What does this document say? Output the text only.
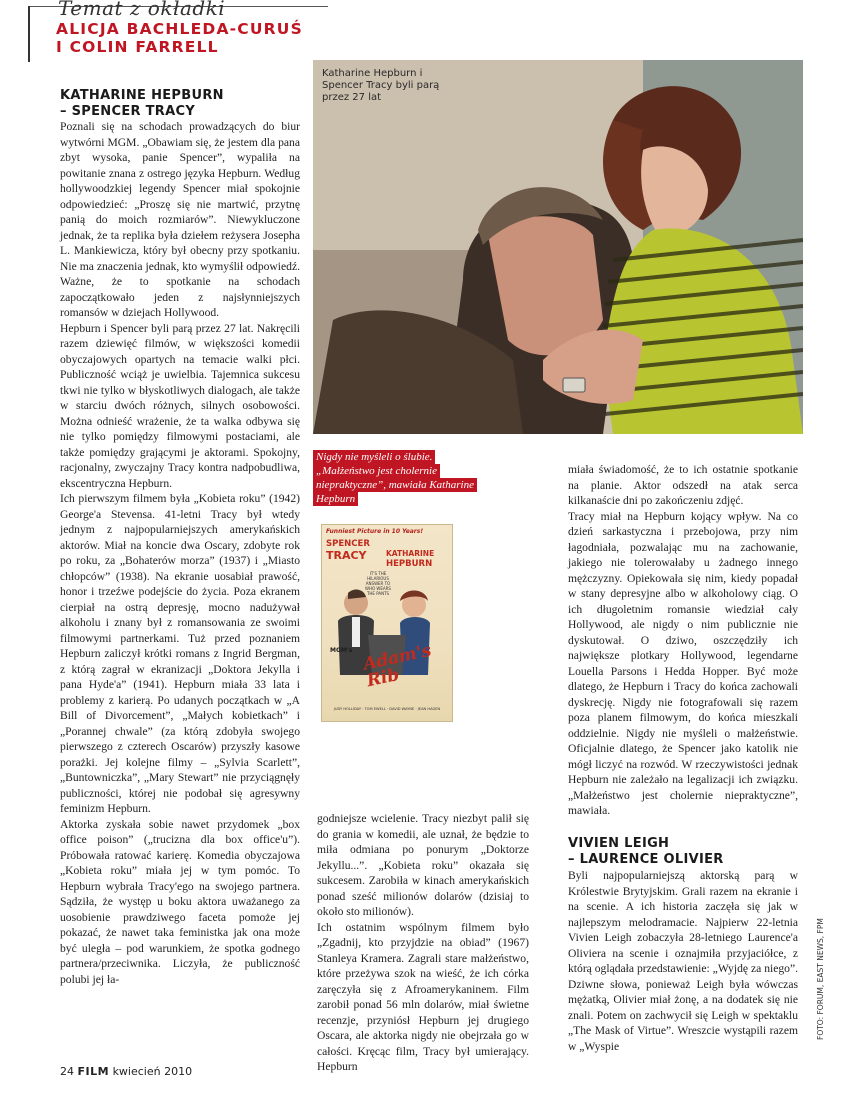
Temat z okładki
ALICJA BACHLEDA-CURUŚ
I COLIN FARRELL
KATHARINE HEPBURN
– SPENCER TRACY

Poznali się na schodach prowadzących do biur wytwórni MGM. „Obawiam się, że jestem dla pana zbyt wysoka, panie Spencer”, wypaliła na powitanie znana z ostrego języka Hepburn. Według hollywoodzkiej legendy Spencer miał spokojnie odpowiedzieć: „Proszę się nie martwić, przytnę panią do moich rozmiarów”. Niewykluczone jednak, że ta replika była dziełem reżysera Josepha L. Mankiewicza, który był obecny przy spotkaniu. Nie ma znaczenia jednak, kto wymyślił odpowiedź. Ważne, że to spotkanie na schodach zapoczątkowało jeden z najsłynniejszych romansów w dziejach Hollywood.

Hepburn i Spencer byli parą przez 27 lat. Nakręcili razem dziewięć filmów, w większości komedii obyczajowych opartych na temacie walki płci. Publiczność wciąż je uwielbia. Tajemnica sukcesu tkwi nie tylko w błyskotliwych dialogach, ale także w starciu dwóch różnych, silnych osobowości. Można odnieść wrażenie, że ta walka odbywa się nie tylko pomiędzy filmowymi postaciami, ale także pomiędzy grającymi je aktorami. Spokojny, racjonalny, zwyczajny Tracy kontra nadpobudliwa, ekscentryczna Hepburn.

Ich pierwszym filmem była „Kobieta roku” (1942) George'a Stevensa. 41-letni Tracy był wtedy jednym z najpopularniejszych amerykańskich aktorów. Miał na koncie dwa Oscary, zdobyte rok po roku, za „Bohaterów morza” (1937) i „Miasto chłopców” (1938). Na ekranie uosabiał prawość, honor i trzeźwe podejście do życia. Poza ekranem cierpiał na ostrą depresję, mocno nadużywał alkoholu i znany był z romansowania ze swoimi filmowymi partnerkami. Tuż przed poznaniem Hepburn zaliczył krótki romans z Ingrid Bergman, z którą zagrał w ekranizacji „Doktora Jekylla i pana Hyde'a” (1941). Hepburn miała 33 lata i problemy z karierą. Po udanych początkach w „A Bill of Divorcement”, „Małych kobietkach” i „Porannej chwale” (za którą zdobyła swojego pierwszego z czterech Oscarów) przyszły kasowe porażki. Jej kolejne filmy – „Sylvia Scarlett”, „Buntowniczka”, „Mary Stewart” nie przyciągnęły publiczności, której nie podobał się agresywny feminizm Hepburn.

Aktorka zyskała sobie nawet przydomek „box office poison” („trucizna dla box office'u”). Próbowała ratować karierę. Komedia obyczajowa „Kobieta roku” miała jej w tym pomóc. To Hepburn wybrała Tracy'ego na swojego partnera. Sądziła, że występ u boku aktora uważanego za uosobienie prawdziwego faceta pomoże jej pokazać, że nawet taka feministka jak ona może być uległa – pod warunkiem, że spotka godnego partnera/przeciwnika. Liczyła, że publiczność polubi jej ła-

Katharine Hepburn i Spencer Tracy byli parą przez 27 lat
Nigdy nie myśleli o ślubie. „Małżeństwo jest cholernie niepraktyczne”, mawiała Katharine Hepburn
Funniest Picture in 10 Years!
SPENCER
TRACY	KATHARINE
HEPBURN
IT'S THE HILARIOUS ANSWER TO WHO WEARS THE PANTS
MGM's Adam's Rib
JUDY HOLLIDAY · TOM EWELL · DAVID WAYNE · JEAN HAGEN

godniejsze wcielenie. Tracy niezbyt palił się do grania w komedii, ale uznał, że będzie to miła odmiana po ponurym „Doktorze Jekyllu...”. „Kobieta roku” okazała się sukcesem. Zarobiła w kinach amerykańskich ponad sześć milionów dolarów (dzisiaj to około sto milionów).

Ich ostatnim wspólnym filmem było „Zgadnij, kto przyjdzie na obiad” (1967) Stanleya Kramera. Zagrali stare małżeństwo, które przeżywa szok na wieść, że ich córka zaręczyła się z Afroamerykaninem. Film zarobił ponad 56 mln dolarów, miał świetne recenzje, przyniósł Hepburn jej drugiego Oscara, ale aktorka nigdy nie obejrzała go w całości. Kręcąc film, Tracy był umierający. Hepburn

miała świadomość, że to ich ostatnie spotkanie na planie. Aktor odszedł na atak serca kilkanaście dni po zakończeniu zdjęć.

Tracy miał na Hepburn kojący wpływ. Na co dzień sarkastyczna i przebojowa, przy nim łagodniała, pozwalając mu na zachowanie, jakiego nie tolerowałaby u żadnego innego mężczyzny. Opiekowała się nim, kiedy popadał w stany depresyjne albo w alkoholowy ciąg. O ich długoletnim romansie wiedział cały Hollywood, ale nigdy o nim publicznie nie dyskutował. O dziwo, oszczędziły ich największe plotkary Hollywood, legendarne Louella Parsons i Hedda Hopper. Być może dlatego, że Hepburn i Tracy do końca zachowali dyskrecję. Nigdy nie fotografowali się razem poza planem filmowym, do końca mieszkali oddzielnie. Nigdy nie myśleli o małżeństwie. Oficjalnie dlatego, że Spencer jako katolik nie mógł liczyć na rozwód. W rzeczywistości jednak Hepburn nie zależało na legalizacji ich związku. „Małżeństwo jest cholernie niepraktyczne”, mawiała.

VIVIEN LEIGH
– LAURENCE OLIVIER

Byli najpopularniejszą aktorską parą w Królestwie Brytyjskim. Grali razem na ekranie i na scenie. A ich historia zaczęła się jak w najlepszym melodramacie. Najpierw 22-letnia Vivien Leigh zobaczyła 28-letniego Laurence'a Oliviera na scenie i oznajmiła przyjaciółce, z którą oglądała przedstawienie: „Wyjdę za niego”. Dziwne słowa, ponieważ Leigh była wówczas mężatką, Olivier miał żonę, a na dodatek się nie znali. Potem on zachwycił się Leigh w spektaklu „The Mask of Virtue”. Wreszcie wystąpili razem w „Wyspie

FOTO: FORUM, EAST NEWS, FPM
24 FILM kwiecień 2010
